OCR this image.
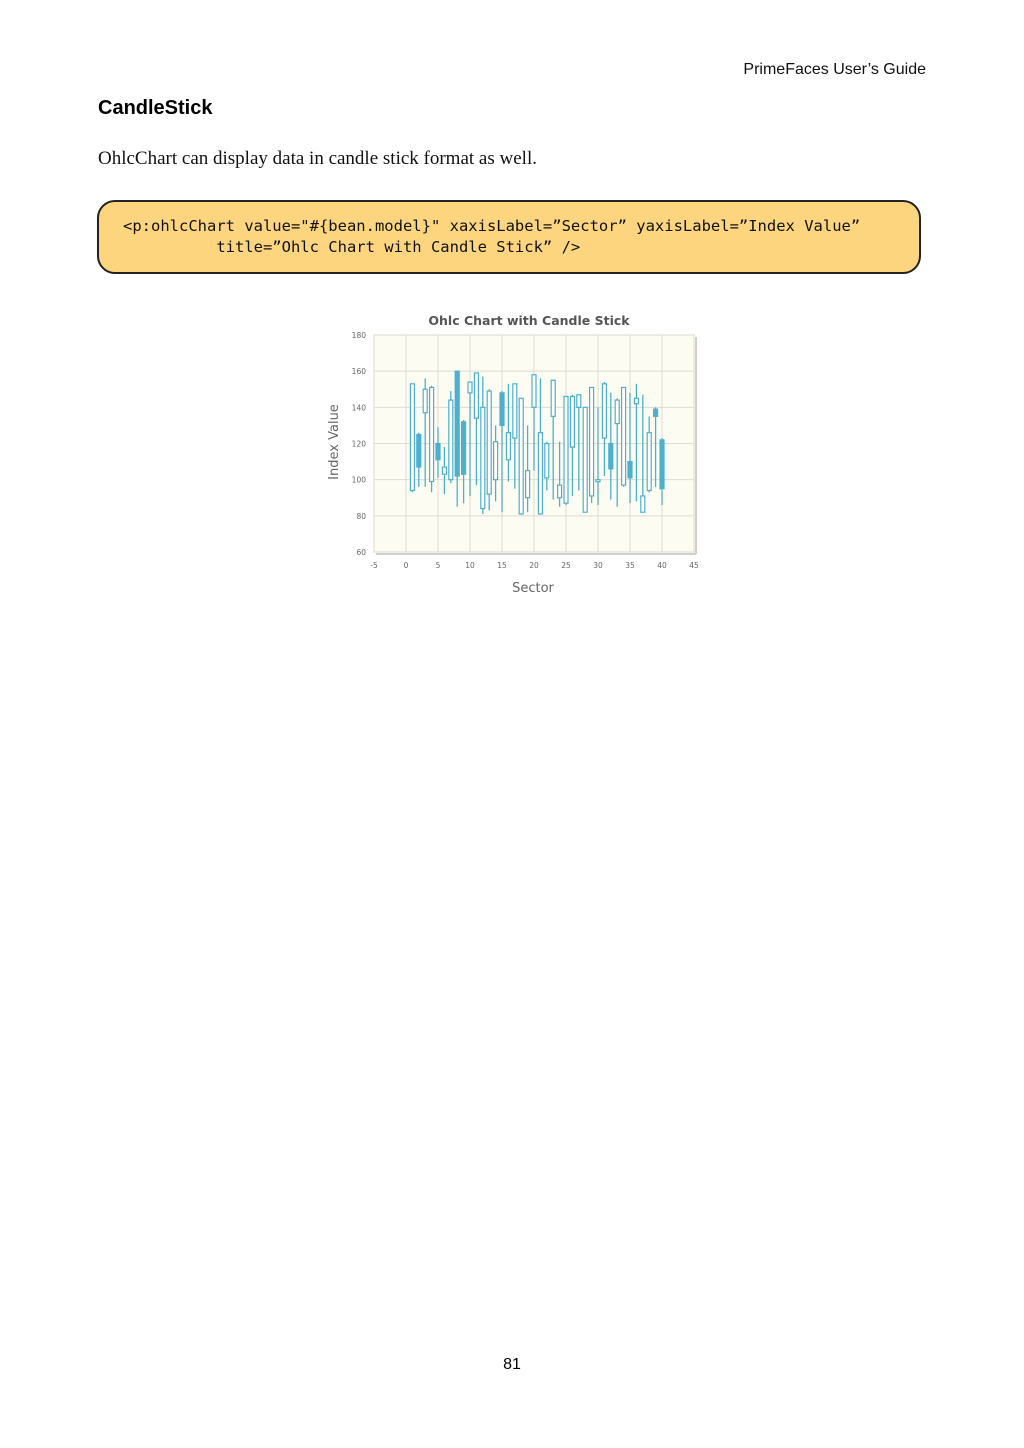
PrimeFaces User’s Guide
CandleStick
OhlcChart can display data in candle stick format as well.
<p:ohlcChart value="#{bean.model}" xaxisLabel=”Sector” yaxisLabel=”Index Value”
title=”Ohlc Chart with Candle Stick” />
Ohlc Chart with Candle Stick
60
80
100
120
140
160
180
-5	0	5	10	15	20	25	30	35	40	45
Sector
Index Value
81
